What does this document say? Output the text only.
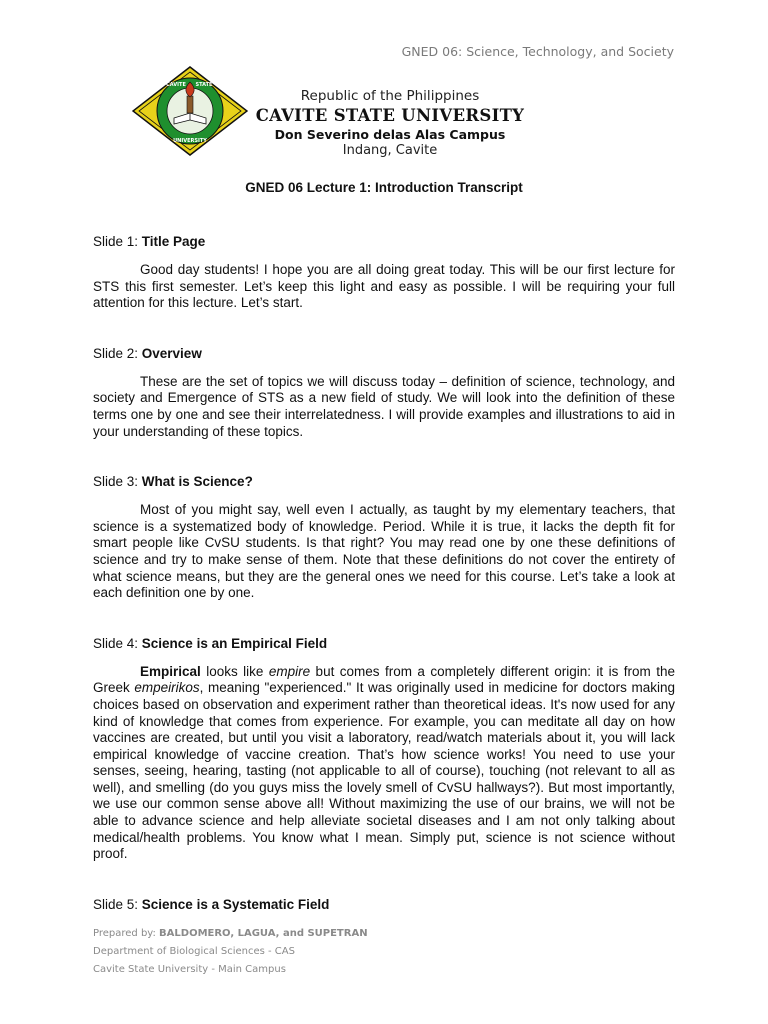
GNED 06: Science, Technology, and Society
CAVITE STATE
UNIVERSITY
Republic of the Philippines
CAVITE STATE UNIVERSITY
Don Severino delas Alas Campus
Indang, Cavite
GNED 06 Lecture 1: Introduction Transcript

Slide 1: Title Page

Good day students! I hope you are all doing great today. This will be our first lecture for STS this first semester. Let’s keep this light and easy as possible. I will be requiring your full attention for this lecture. Let’s start.

Slide 2: Overview

These are the set of topics we will discuss today – definition of science, technology, and society and Emergence of STS as a new field of study. We will look into the definition of these terms one by one and see their interrelatedness. I will provide examples and illustrations to aid in your understanding of these topics.

Slide 3: What is Science?

Most of you might say, well even I actually, as taught by my elementary teachers, that science is a systematized body of knowledge. Period. While it is true, it lacks the depth fit for smart people like CvSU students. Is that right? You may read one by one these definitions of science and try to make sense of them. Note that these definitions do not cover the entirety of what science means, but they are the general ones we need for this course. Let’s take a look at each definition one by one.

Slide 4: Science is an Empirical Field

Empirical looks like empire but comes from a completely different origin: it is from the Greek empeirikos, meaning "experienced." It was originally used in medicine for doctors making choices based on observation and experiment rather than theoretical ideas. It's now used for any kind of knowledge that comes from experience. For example, you can meditate all day on how vaccines are created, but until you visit a laboratory, read/watch materials about it, you will lack empirical knowledge of vaccine creation. That’s how science works! You need to use your senses, seeing, hearing, tasting (not applicable to all of course), touching (not relevant to all as well), and smelling (do you guys miss the lovely smell of CvSU hallways?). But most importantly, we use our common sense above all! Without maximizing the use of our brains, we will not be able to advance science and help alleviate societal diseases and I am not only talking about medical/health problems. You know what I mean. Simply put, science is not science without proof.

Slide 5: Science is a Systematic Field

Prepared by: BALDOMERO, LAGUA, and SUPETRAN
Department of Biological Sciences - CAS
Cavite State University - Main Campus
